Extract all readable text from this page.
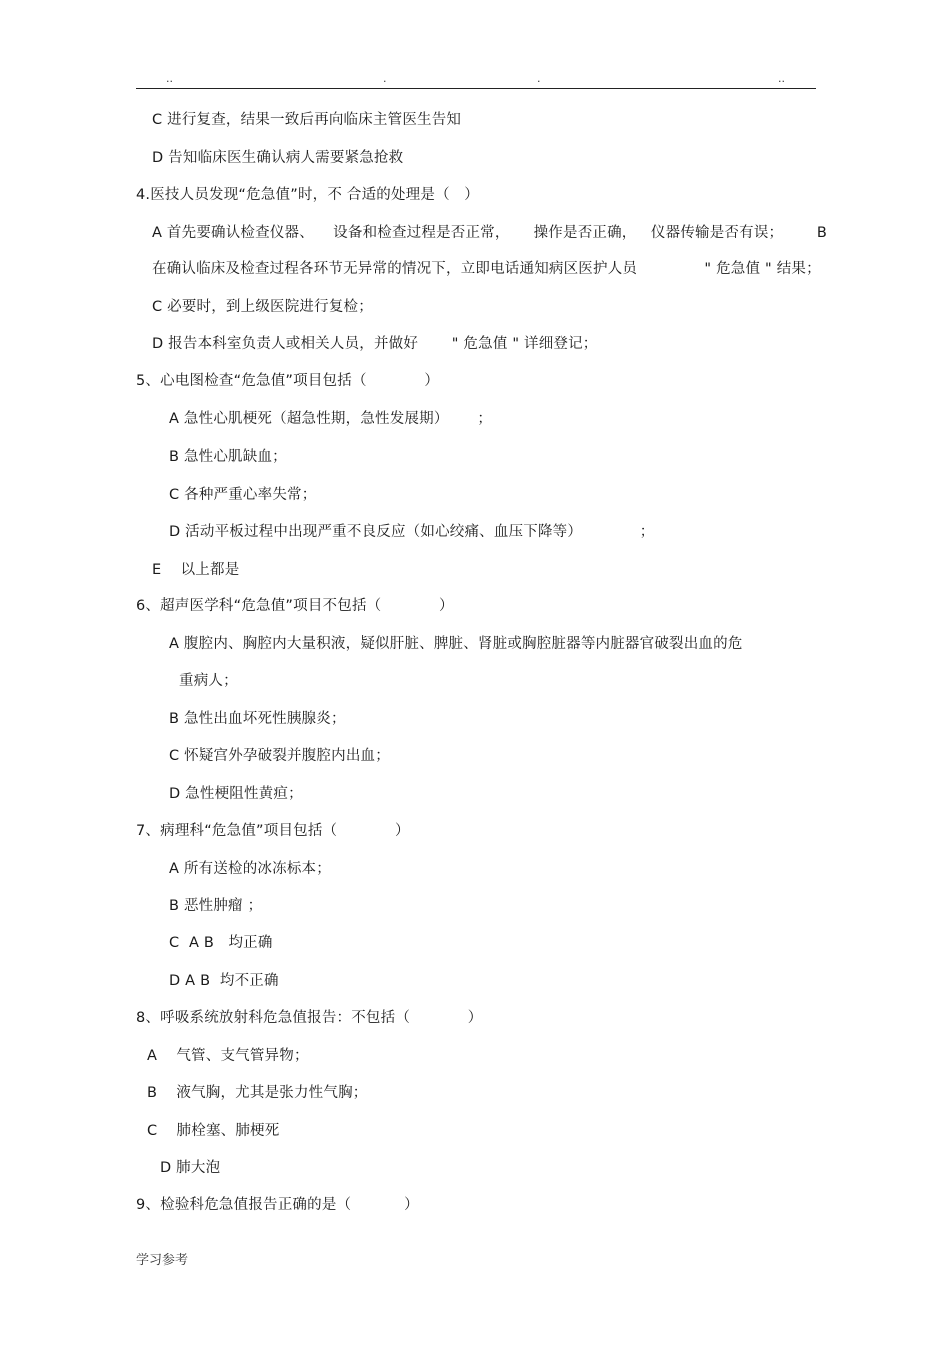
..	.	.	..
C 进行复查，结果一致后再向临床主管医生告知
D 告知临床医生确认病人需要紧急抢救
4.医技人员发现“危急值”时，不 合适的处理是（   ）
A 首先要确认检查仪器、    设备和检查过程是否正常，     操作是否正确，   仪器传输是否有误；       B
在确认临床及检查过程各环节无异常的情况下，立即电话通知病区医护人员              " 危急值 " 结果；
C 必要时，到上级医院进行复检；
D 报告本科室负责人或相关人员，并做好       " 危急值 " 详细登记；
5、心电图检查“危急值”项目包括（            ）
A 急性心肌梗死（超急性期，急性发展期）      ；
B 急性心肌缺血；
C 各种严重心率失常；
D 活动平板过程中出现严重不良反应（如心绞痛、血压下降等）            ；
E    以上都是
6、超声医学科“危急值”项目不包括（            ）
A 腹腔内、胸腔内大量积液，疑似肝脏、脾脏、肾脏或胸腔脏器等内脏器官破裂出血的危
重病人；
B 急性出血坏死性胰腺炎；
C 怀疑宫外孕破裂并腹腔内出血；
D 急性梗阻性黄疸；
7、病理科“危急值”项目包括（            ）
A 所有送检的冰冻标本；
B 恶性肿瘤 ；
C  A B   均正确
D A B  均不正确
8、呼吸系统放射科危急值报告：不包括（            ）
A    气管、支气管异物；
B    液气胸，尤其是张力性气胸；
C    肺栓塞、肺梗死
D 肺大泡
9、检验科危急值报告正确的是（           ）
学习参考
